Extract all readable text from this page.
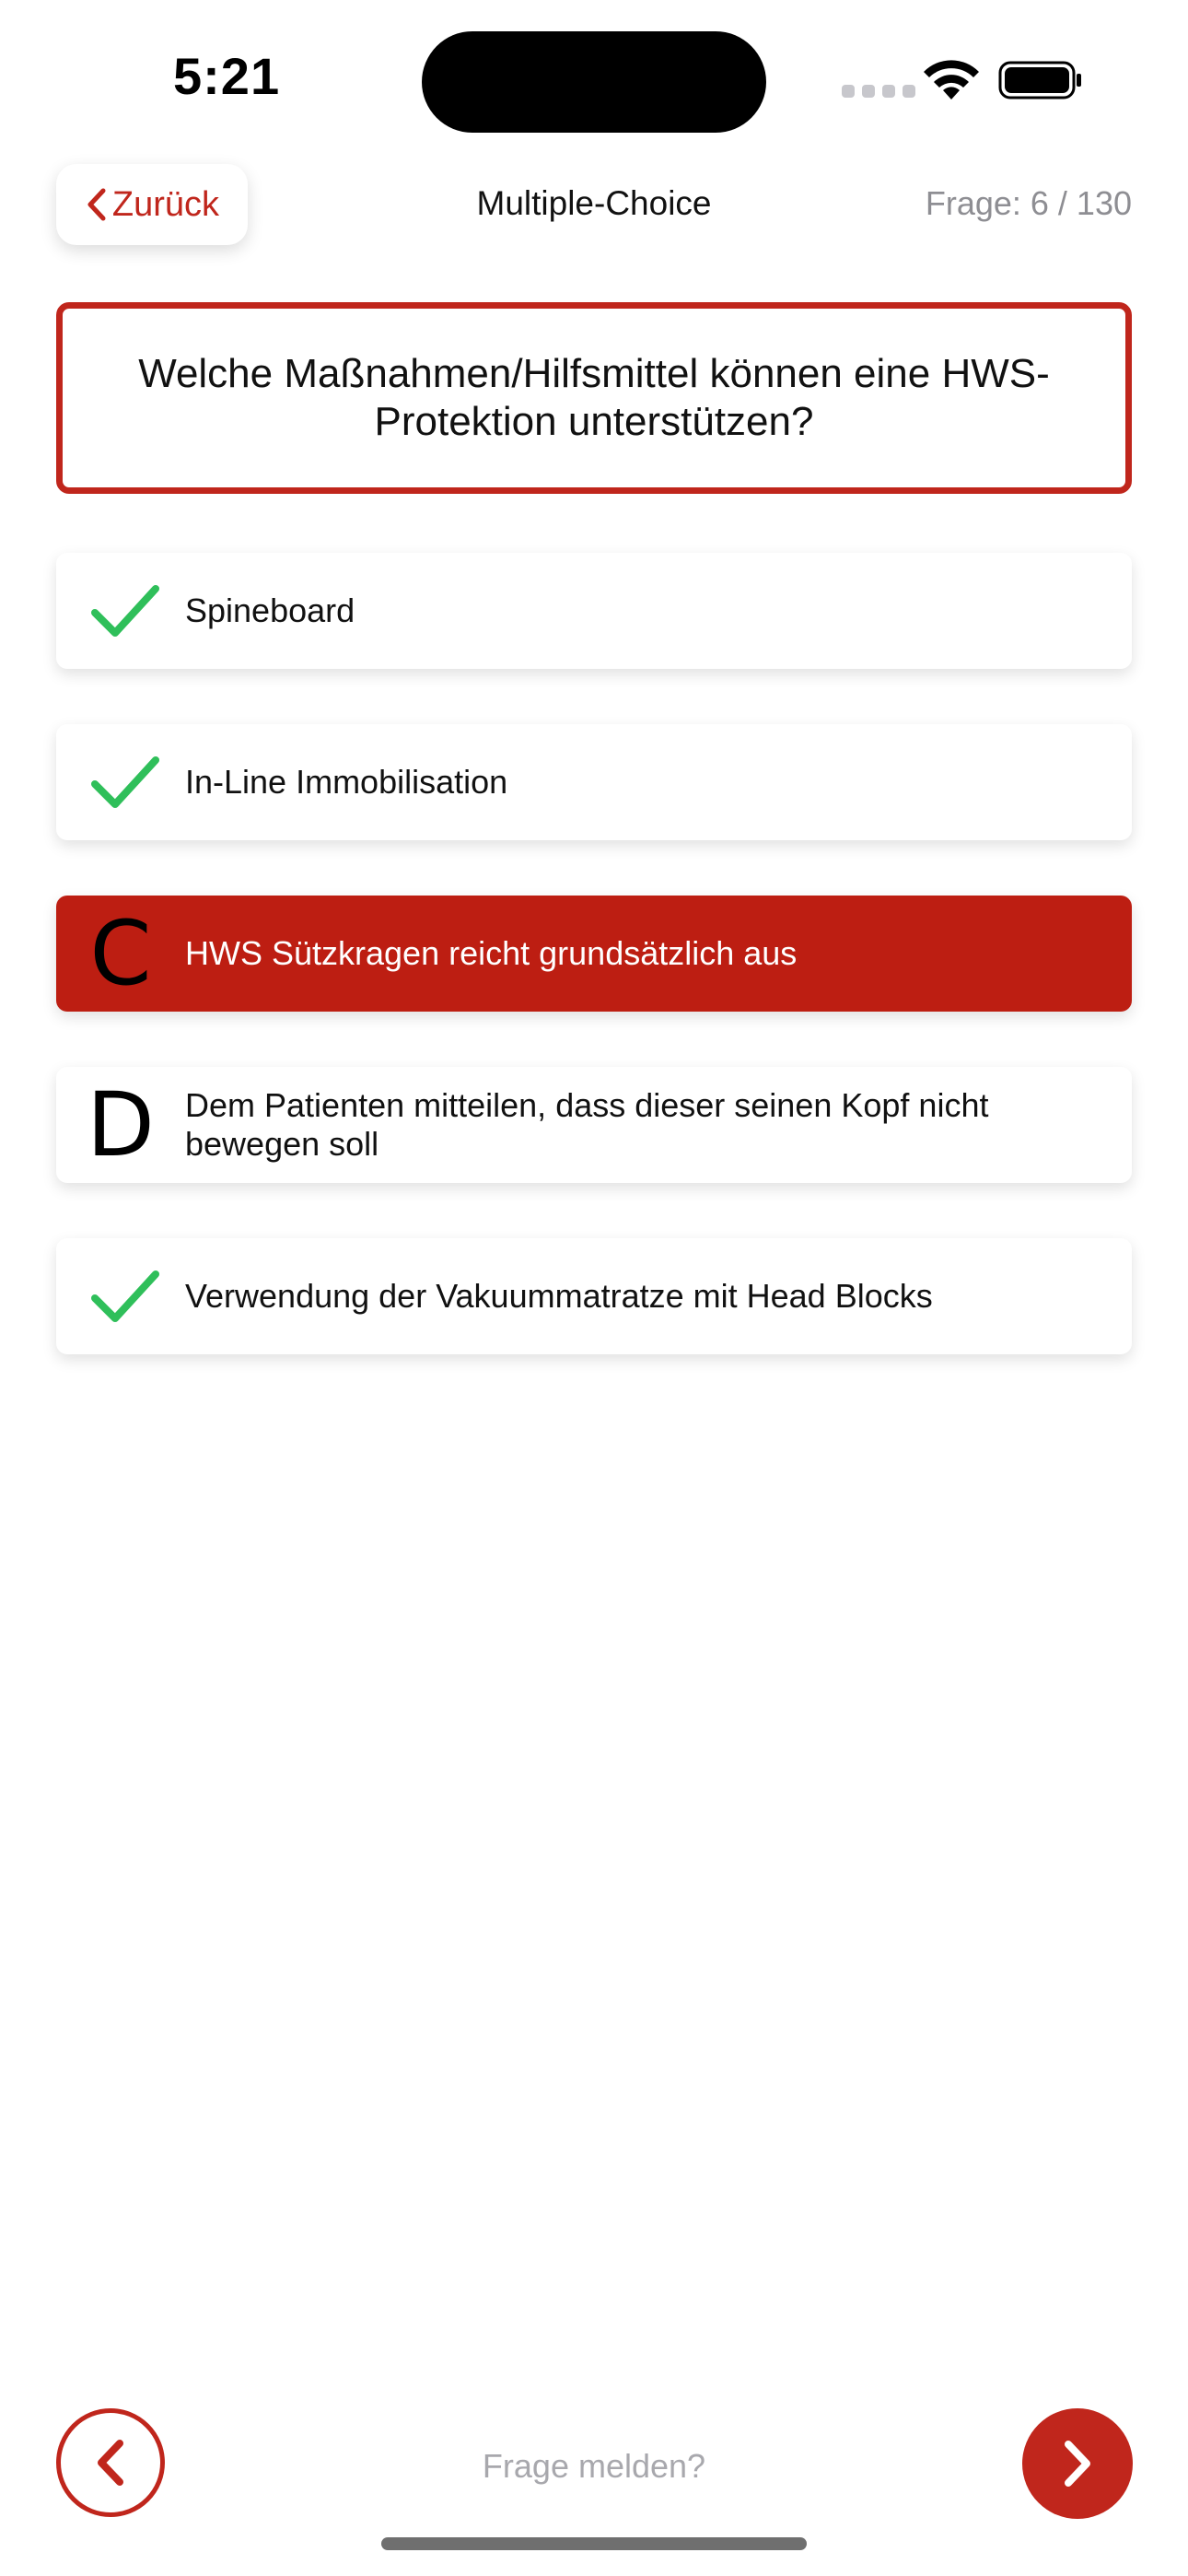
5:21
Zurück	Multiple-Choice	Frage: 6 / 130
Welche Maßnahmen/Hilfsmittel können eine HWS-Protektion unterstützen?
Spineboard
In-Line Immobilisation
C HWS Sützkragen reicht grundsätzlich aus
D Dem Patienten mitteilen, dass dieser seinen Kopf nicht bewegen soll
Verwendung der Vakuummatratze mit Head Blocks
Frage melden?
